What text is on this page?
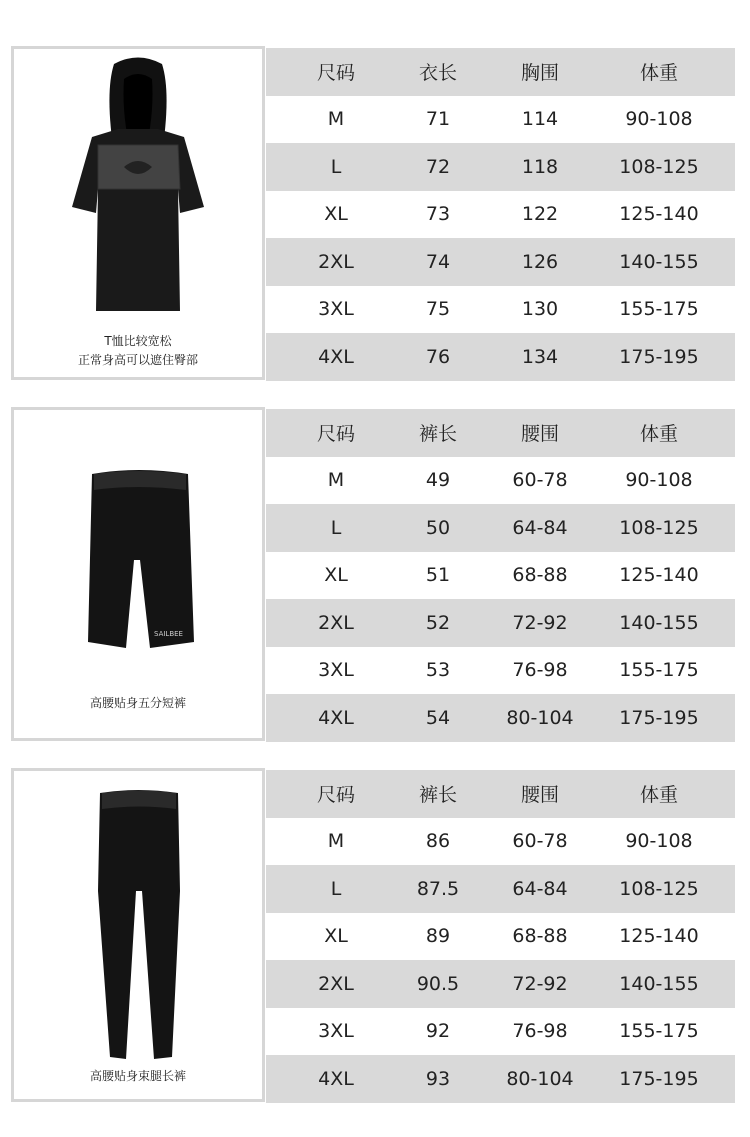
T恤比较宽松
正常身高可以遮住臀部
尺码	衣长	胸围	体重
M	71	114	90-108
L	72	118	108-125
XL	73	122	125-140
2XL	74	126	140-155
3XL	75	130	155-175
4XL	76	134	175-195
SAILBEE
高腰贴身五分短裤
尺码	裤长	腰围	体重
M	49	60-78	90-108
L	50	64-84	108-125
XL	51	68-88	125-140
2XL	52	72-92	140-155
3XL	53	76-98	155-175
4XL	54	80-104	175-195
高腰贴身束腿长裤
尺码	裤长	腰围	体重
M	86	60-78	90-108
L	87.5	64-84	108-125
XL	89	68-88	125-140
2XL	90.5	72-92	140-155
3XL	92	76-98	155-175
4XL	93	80-104	175-195
